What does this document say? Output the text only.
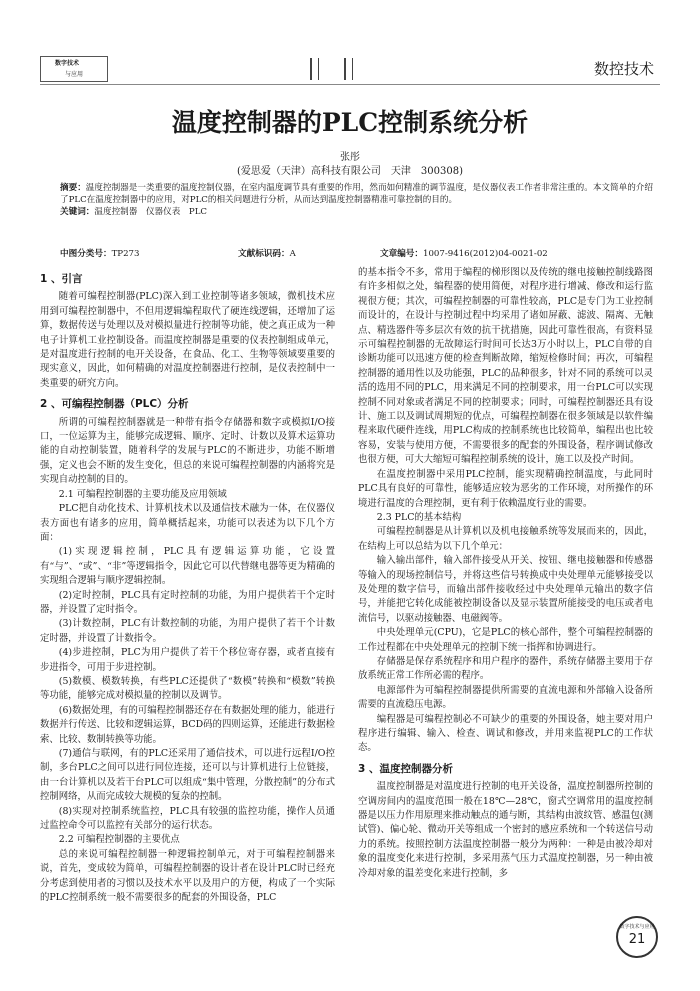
数字技术
与应用	数控技术
温度控制器的PLC控制系统分析
张彤
(爱思爱（天津）高科技有限公司　天津　300308)
摘要：温度控制器是一类重要的温度控制仪器，在室内温度调节具有重要的作用，然而如何精准的调节温度，是仪器仪表工作者非常注重的。本文简单的介绍了PLC在温度控制器中的应用，对PLC的相关问题进行分析，从而达到温度控制器精准可靠控制的目的。
关键词：温度控制器　仪器仪表　PLC
中图分类号：TP273	文献标识码：A	文章编号：1007-9416(2012)04-0021-02
1 、引言

随着可编程控制器(PLC)深入到工业控制等诸多领域，微机技术应用到可编程控制器中，不但用逻辑编程取代了硬连线逻辑，还增加了运算，数据传送与处理以及对模拟量进行控制等功能，使之真正成为一种电子计算机工业控制设备。而温度控制器是重要的仪表控制组成单元，是对温度进行控制的电开关设备，在食品、化工、生物等领域要重要的现实意义，因此，如何精确的对温度控制器进行控制，是仪表控制中一类重要的研究方向。

2 、可编程控制器（PLC）分析

所谓的可编程控制器就是一种带有指令存储器和数字或模拟I/O接口，一位运算为主，能够完成逻辑、顺序、定时、计数以及算术运算功能的自动控制装置，随着科学的发展与PLC的不断进步，功能不断增强，定义也会不断的发生变化，但总的来说可编程控制器的内涵将究是实现自动控制的目的。

2.1 可编程控制器的主要功能及应用领域

PLC把自动化技术、计算机技术以及通信技术融为一体，在仪器仪表方面也有诸多的应用，简单概括起来，功能可以表述为以下几个方面：

(1)实现逻辑控制，PLC具有逻辑运算功能，它设置有“与”、“或”、“非”等逻辑指令，因此它可以代替继电器等更为精确的实现组合逻辑与顺序逻辑控制。

(2)定时控制，PLC具有定时控制的功能，为用户提供若干个定时器，并设置了定时指令。

(3)计数控制，PLC有计数控制的功能，为用户提供了若干个计数定时器，并设置了计数指令。

(4)步进控制，PLC为用户提供了若干个移位寄存器，或者直接有步进指令，可用于步进控制。

(5)数模、模数转换，有些PLC还提供了“数模”转换和“模数”转换等功能，能够完成对模拟量的控制以及调节。

(6)数据处理，有的可编程控制器还存在有数据处理的能力，能进行数据并行传送、比较和逻辑运算，BCD码的四则运算，还能进行数据检索、比较、数制转换等功能。

(7)通信与联网，有的PLC还采用了通信技术，可以进行远程I/O控制，多台PLC之间可以进行同位连接，还可以与计算机进行上位链接，由一台计算机以及若干台PLC可以组成“集中管理，分散控制”的分布式控制网络，从而完成较大规模的复杂的控制。

(8)实现对控制系统监控，PLC具有较强的监控功能，操作人员通过监控命令可以监控有关部分的运行状态。

2.2 可编程控制器的主要优点

总的来说可编程控制器一种逻辑控制单元，对于可编程控制器来说，首先，变成较为简单，可编程控制器的设计者在设计PLC时已经充分考虑到使用者的习惯以及技术水平以及用户的方便，构成了一个实际的PLC控制系统一般不需要很多的配套的外围设备，PLC

的基本指令不多，常用于编程的梯形图以及传统的继电接触控制线路图有许多相似之处，编程器的使用简便，对程序进行增减、修改和运行监视很方便；其次，可编程控制器的可靠性较高，PLC是专门为工业控制而设计的，在设计与控制过程中均采用了诸如屏蔽、滤波、隔离、无触点、精选器件等多层次有效的抗干扰措施，因此可靠性很高，有资料显示可编程控制器的无故障运行时间可长达3万小时以上，PLC自带的自诊断功能可以迅速方便的检查判断故障，缩短检修时间；再次，可编程控制器的通用性以及功能强，PLC的品种很多，针对不同的系统可以灵活的选用不同的PLC，用来满足不同的控制要求，用一台PLC可以实现控制不同对象或者满足不同的控制要求；同时，可编程控制器还具有设计、施工以及调试周期短的优点，可编程控制器在很多领域是以软件编程来取代硬件连线，用PLC构成的控制系统也比较简单，编程出也比较容易，安装与使用方便，不需要很多的配套的外围设备，程序调试修改也很方便，可大大缩短可编程控制系统的设计，施工以及投产时间。

在温度控制器中采用PLC控制，能实现精确控制温度，与此同时PLC具有良好的可靠性，能够适应较为恶劣的工作环境，对所操作的环境进行温度的合理控制，更有利于依赖温度行业的需要。

2.3 PLC的基本结构

可编程控制器是从计算机以及机电接触系统等发展而来的，因此，在结构上可以总结为以下几个单元：

输入输出部件，输入部件接受从开关、按钮、继电接触器和传感器等输入的现场控制信号，并将这些信号转换成中央处理单元能够接受以及处理的数字信号，而输出部件接收经过中央处理单元输出的数字信号，并能把它转化成能被控制设备以及显示装置所能接受的电压或者电流信号，以驱动接触器、电磁阀等。

中央处理单元(CPU)，它是PLC的核心部件，整个可编程控制器的工作过程都在中央处理单元的控制下统一指挥和协调进行。

存储器是保存系统程序和用户程序的器件，系统存储器主要用于存放系统正常工作所必需的程序。

电源部件为可编程控制器提供所需要的直流电源和外部输入设备所需要的直流稳压电源。

编程器是可编程控制必不可缺少的重要的外围设备，她主要对用户程序进行编辑、输入、检查、调试和修改，并用来监视PLC的工作状态。

3 、温度控制器分析

温度控制器是对温度进行控制的电开关设备，温度控制器所控制的空调房间内的温度范围一般在18℃—28℃，窗式空调常用的温度控制器是以压力作用原理来推动触点的通与断，其结构由波纹管、感温包(测试管)、偏心轮、微动开关等组成一个密封的感应系统和一个转送信号动力的系统。按照控制方法温度控制器一般分为两种：一种是由被冷却对象的温度变化来进行控制，多采用蒸气压力式温度控制器，另一种由被冷却对象的温差变化来进行控制，多

数字技术与应用
21
